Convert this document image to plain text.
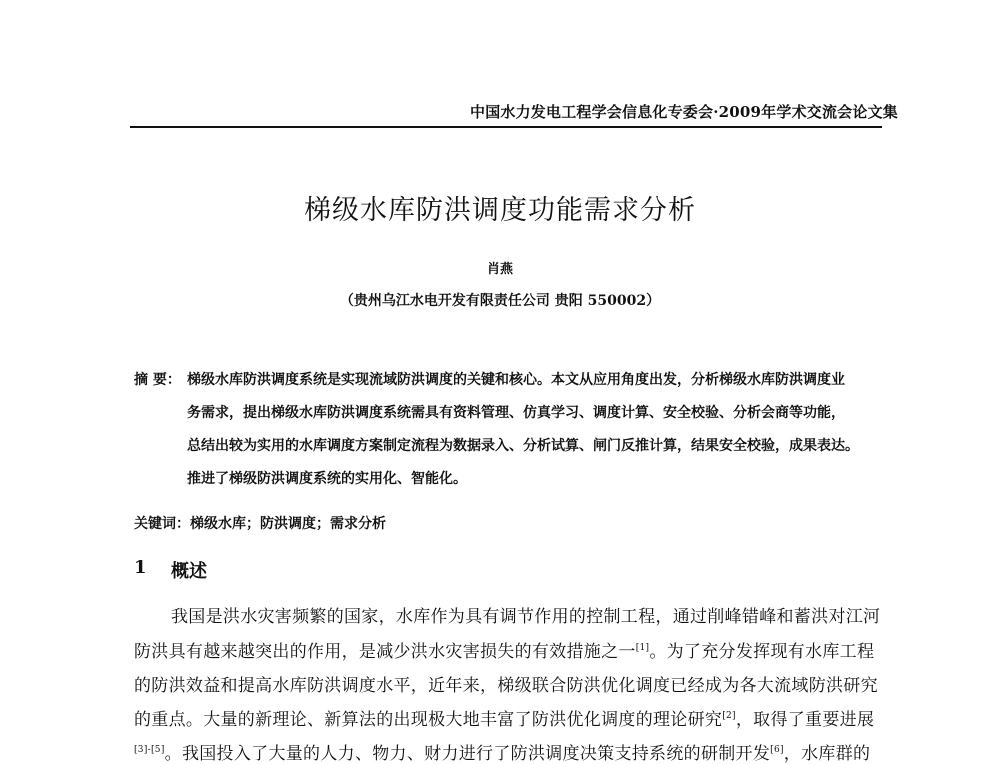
中国水力发电工程学会信息化专委会·2009年学术交流会论文集
梯级水库防洪调度功能需求分析
肖燕
（贵州乌江水电开发有限责任公司 贵阳 550002）
摘 要： 梯级水库防洪调度系统是实现流域防洪调度的关键和核心。本文从应用角度出发，分析梯级水库防洪调度业
务需求，提出梯级水库防洪调度系统需具有资料管理、仿真学习、调度计算、安全校验、分析会商等功能，
总结出较为实用的水库调度方案制定流程为数据录入、分析试算、闸门反推计算，结果安全校验，成果表达。
推进了梯级防洪调度系统的实用化、智能化。
关键词：梯级水库；防洪调度；需求分析
1 概述
我国是洪水灾害频繁的国家，水库作为具有调节作用的控制工程，通过削峰错峰和蓄洪对江河
防洪具有越来越突出的作用，是减少洪水灾害损失的有效措施之一[1]。为了充分发挥现有水库工程
的防洪效益和提高水库防洪调度水平，近年来，梯级联合防洪优化调度已经成为各大流域防洪研究
的重点。大量的新理论、新算法的出现极大地丰富了防洪优化调度的理论研究[2]，取得了重要进展
[3]-[5]。我国投入了大量的人力、物力、财力进行了防洪调度决策支持系统的研制开发[6]，水库群的
